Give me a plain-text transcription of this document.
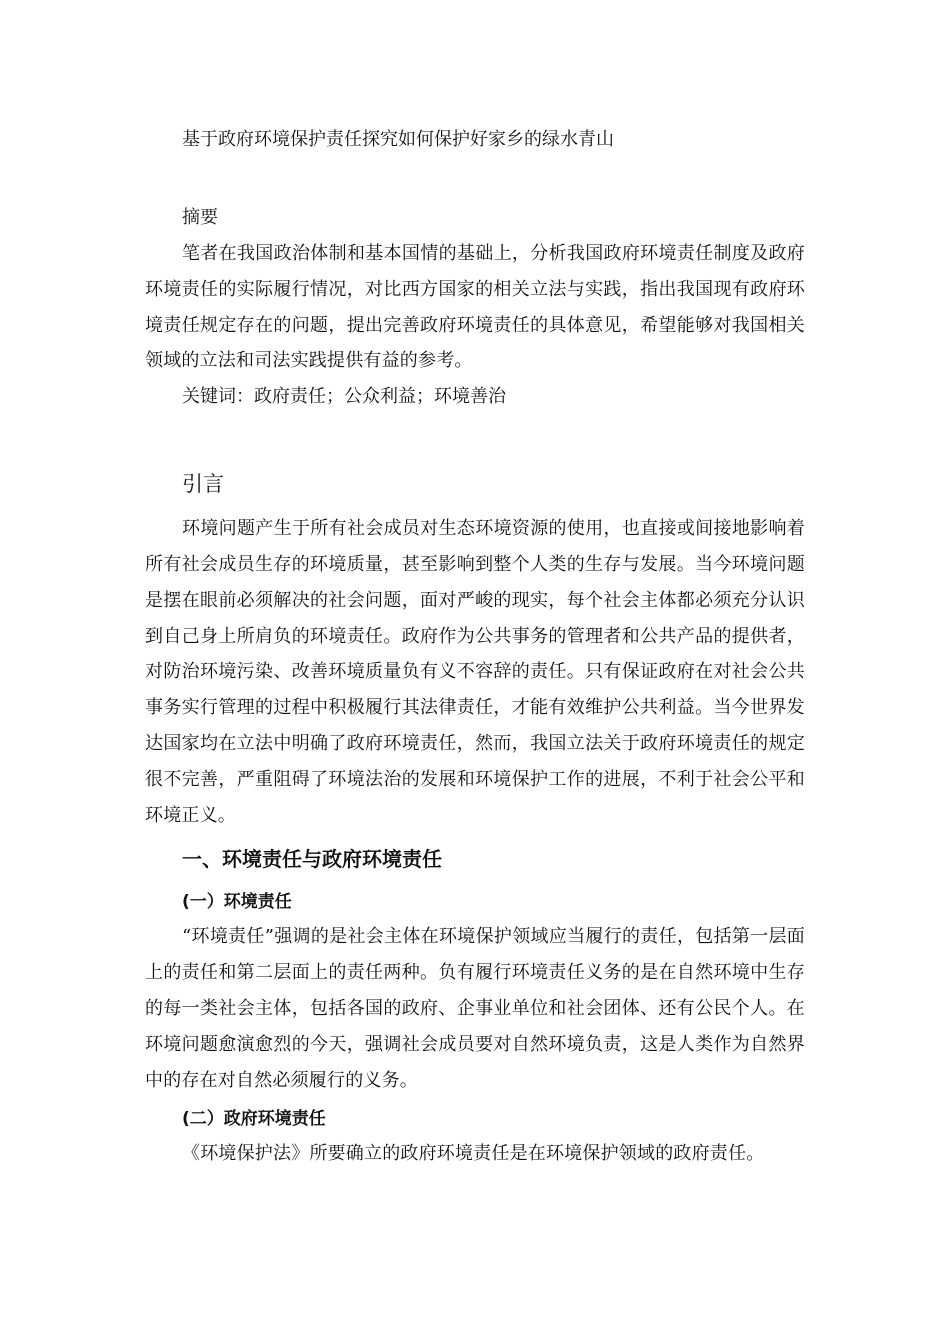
基于政府环境保护责任探究如何保护好家乡的绿水青山
摘要

笔者在我国政治体制和基本国情的基础上，分析我国政府环境责任制度及政府环境责任的实际履行情况，对比西方国家的相关立法与实践，指出我国现有政府环境责任规定存在的问题，提出完善政府环境责任的具体意见，希望能够对我国相关领域的立法和司法实践提供有益的参考。

关键词：政府责任；公众利益；环境善治

引言

环境问题产生于所有社会成员对生态环境资源的使用，也直接或间接地影响着所有社会成员生存的环境质量，甚至影响到整个人类的生存与发展。当今环境问题是摆在眼前必须解决的社会问题，面对严峻的现实，每个社会主体都必须充分认识到自己身上所肩负的环境责任。政府作为公共事务的管理者和公共产品的提供者，对防治环境污染、改善环境质量负有义不容辞的责任。只有保证政府在对社会公共事务实行管理的过程中积极履行其法律责任，才能有效维护公共利益。当今世界发达国家均在立法中明确了政府环境责任，然而，我国立法关于政府环境责任的规定很不完善，严重阻碍了环境法治的发展和环境保护工作的进展，不利于社会公平和环境正义。

一、环境责任与政府环境责任
(一）环境责任

“环境责任”强调的是社会主体在环境保护领域应当履行的责任，包括第一层面上的责任和第二层面上的责任两种。负有履行环境责任义务的是在自然环境中生存的每一类社会主体，包括各国的政府、企事业单位和社会团体、还有公民个人。在环境问题愈演愈烈的今天，强调社会成员要对自然环境负责，这是人类作为自然界中的存在对自然必须履行的义务。

(二）政府环境责任

《环境保护法》所要确立的政府环境责任是在环境保护领域的政府责任。
